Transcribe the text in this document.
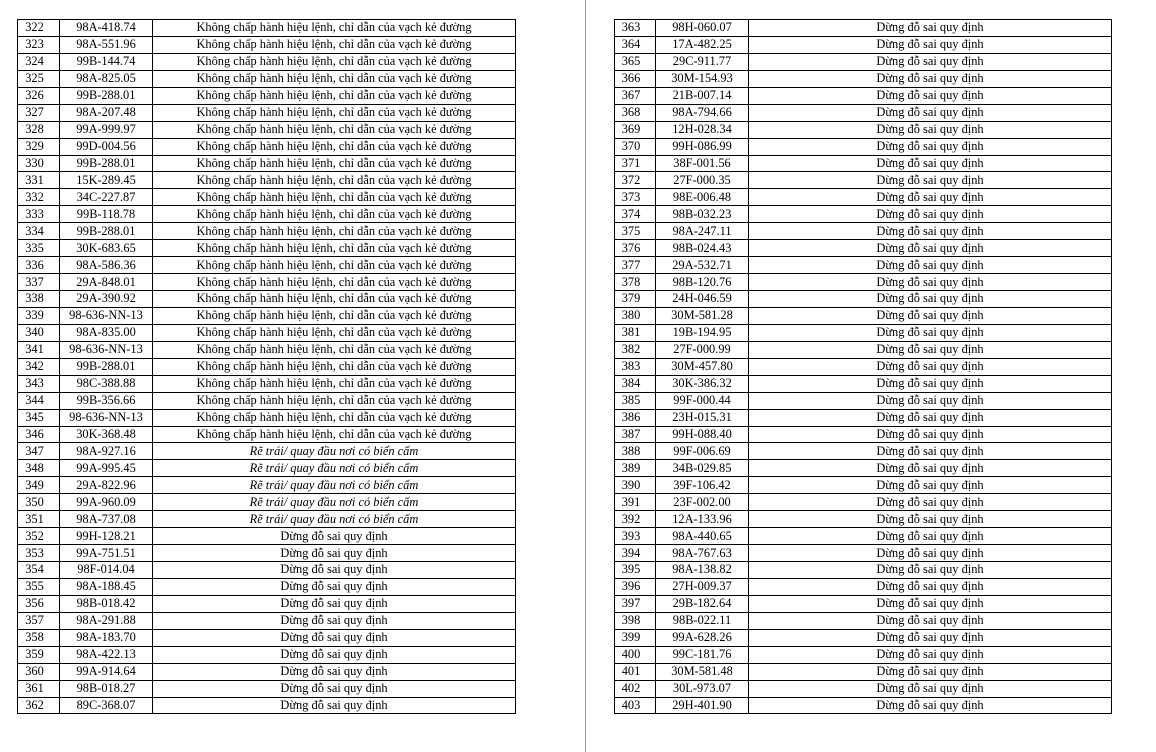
322	98A-418.74	Không chấp hành hiệu lệnh, chỉ dẫn của vạch kẻ đường
323	98A-551.96	Không chấp hành hiệu lệnh, chỉ dẫn của vạch kẻ đường
324	99B-144.74	Không chấp hành hiệu lệnh, chỉ dẫn của vạch kẻ đường
325	98A-825.05	Không chấp hành hiệu lệnh, chỉ dẫn của vạch kẻ đường
326	99B-288.01	Không chấp hành hiệu lệnh, chỉ dẫn của vạch kẻ đường
327	98A-207.48	Không chấp hành hiệu lệnh, chỉ dẫn của vạch kẻ đường
328	99A-999.97	Không chấp hành hiệu lệnh, chỉ dẫn của vạch kẻ đường
329	99D-004.56	Không chấp hành hiệu lệnh, chỉ dẫn của vạch kẻ đường
330	99B-288.01	Không chấp hành hiệu lệnh, chỉ dẫn của vạch kẻ đường
331	15K-289.45	Không chấp hành hiệu lệnh, chỉ dẫn của vạch kẻ đường
332	34C-227.87	Không chấp hành hiệu lệnh, chỉ dẫn của vạch kẻ đường
333	99B-118.78	Không chấp hành hiệu lệnh, chỉ dẫn của vạch kẻ đường
334	99B-288.01	Không chấp hành hiệu lệnh, chỉ dẫn của vạch kẻ đường
335	30K-683.65	Không chấp hành hiệu lệnh, chỉ dẫn của vạch kẻ đường
336	98A-586.36	Không chấp hành hiệu lệnh, chỉ dẫn của vạch kẻ đường
337	29A-848.01	Không chấp hành hiệu lệnh, chỉ dẫn của vạch kẻ đường
338	29A-390.92	Không chấp hành hiệu lệnh, chỉ dẫn của vạch kẻ đường
339	98-636-NN-13	Không chấp hành hiệu lệnh, chỉ dẫn của vạch kẻ đường
340	98A-835.00	Không chấp hành hiệu lệnh, chỉ dẫn của vạch kẻ đường
341	98-636-NN-13	Không chấp hành hiệu lệnh, chỉ dẫn của vạch kẻ đường
342	99B-288.01	Không chấp hành hiệu lệnh, chỉ dẫn của vạch kẻ đường
343	98C-388.88	Không chấp hành hiệu lệnh, chỉ dẫn của vạch kẻ đường
344	99B-356.66	Không chấp hành hiệu lệnh, chỉ dẫn của vạch kẻ đường
345	98-636-NN-13	Không chấp hành hiệu lệnh, chỉ dẫn của vạch kẻ đường
346	30K-368.48	Không chấp hành hiệu lệnh, chỉ dẫn của vạch kẻ đường
347	98A-927.16	Rẽ trái/ quay đầu nơi có biển cấm
348	99A-995.45	Rẽ trái/ quay đầu nơi có biển cấm
349	29A-822.96	Rẽ trái/ quay đầu nơi có biển cấm
350	99A-960.09	Rẽ trái/ quay đầu nơi có biển cấm
351	98A-737.08	Rẽ trái/ quay đầu nơi có biển cấm
352	99H-128.21	Dừng đỗ sai quy định
353	99A-751.51	Dừng đỗ sai quy định
354	98F-014.04	Dừng đỗ sai quy định
355	98A-188.45	Dừng đỗ sai quy định
356	98B-018.42	Dừng đỗ sai quy định
357	98A-291.88	Dừng đỗ sai quy định
358	98A-183.70	Dừng đỗ sai quy định
359	98A-422.13	Dừng đỗ sai quy định
360	99A-914.64	Dừng đỗ sai quy định
361	98B-018.27	Dừng đỗ sai quy định
362	89C-368.07	Dừng đỗ sai quy định
363	98H-060.07	Dừng đỗ sai quy định
364	17A-482.25	Dừng đỗ sai quy định
365	29C-911.77	Dừng đỗ sai quy định
366	30M-154.93	Dừng đỗ sai quy định
367	21B-007.14	Dừng đỗ sai quy định
368	98A-794.66	Dừng đỗ sai quy định
369	12H-028.34	Dừng đỗ sai quy định
370	99H-086.99	Dừng đỗ sai quy định
371	38F-001.56	Dừng đỗ sai quy định
372	27F-000.35	Dừng đỗ sai quy định
373	98E-006.48	Dừng đỗ sai quy định
374	98B-032.23	Dừng đỗ sai quy định
375	98A-247.11	Dừng đỗ sai quy định
376	98B-024.43	Dừng đỗ sai quy định
377	29A-532.71	Dừng đỗ sai quy định
378	98B-120.76	Dừng đỗ sai quy định
379	24H-046.59	Dừng đỗ sai quy định
380	30M-581.28	Dừng đỗ sai quy định
381	19B-194.95	Dừng đỗ sai quy định
382	27F-000.99	Dừng đỗ sai quy định
383	30M-457.80	Dừng đỗ sai quy định
384	30K-386.32	Dừng đỗ sai quy định
385	99F-000.44	Dừng đỗ sai quy định
386	23H-015.31	Dừng đỗ sai quy định
387	99H-088.40	Dừng đỗ sai quy định
388	99F-006.69	Dừng đỗ sai quy định
389	34B-029.85	Dừng đỗ sai quy định
390	39F-106.42	Dừng đỗ sai quy định
391	23F-002.00	Dừng đỗ sai quy định
392	12A-133.96	Dừng đỗ sai quy định
393	98A-440.65	Dừng đỗ sai quy định
394	98A-767.63	Dừng đỗ sai quy định
395	98A-138.82	Dừng đỗ sai quy định
396	27H-009.37	Dừng đỗ sai quy định
397	29B-182.64	Dừng đỗ sai quy định
398	98B-022.11	Dừng đỗ sai quy định
399	99A-628.26	Dừng đỗ sai quy định
400	99C-181.76	Dừng đỗ sai quy định
401	30M-581.48	Dừng đỗ sai quy định
402	30L-973.07	Dừng đỗ sai quy định
403	29H-401.90	Dừng đỗ sai quy định
